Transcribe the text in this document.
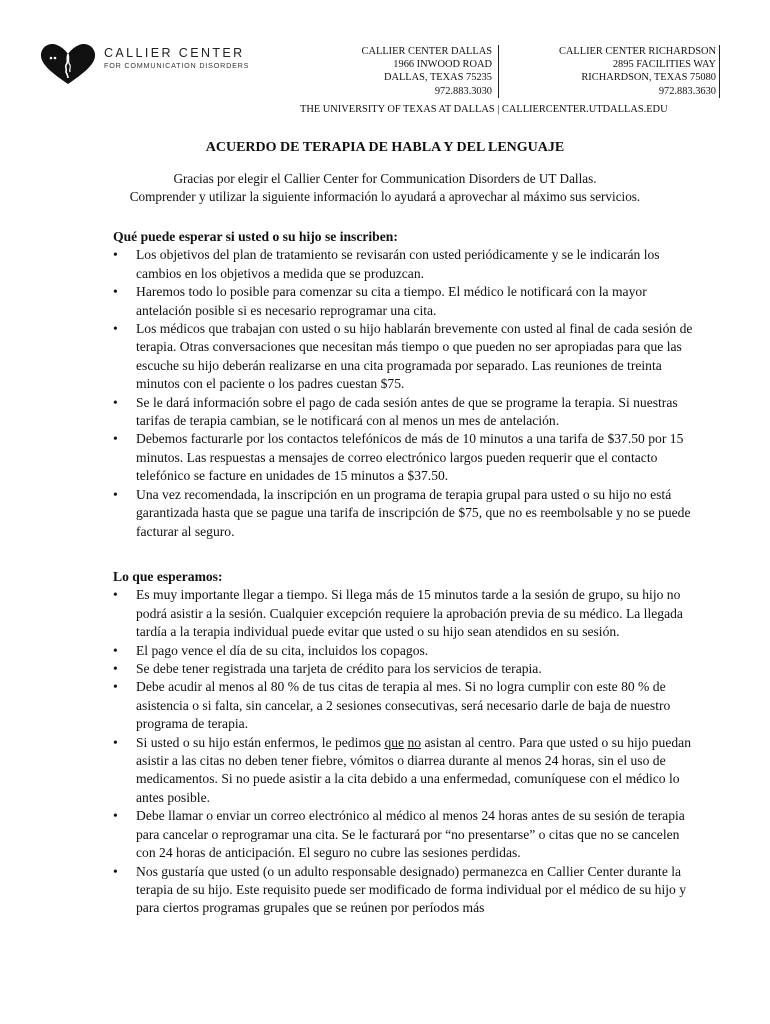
CALLIER CENTER
FOR COMMUNICATION DISORDERS
CALLIER CENTER DALLAS
1966 INWOOD ROAD
DALLAS, TEXAS 75235
972.883.3030
CALLIER CENTER RICHARDSON
2895 FACILITIES WAY
RICHARDSON, TEXAS 75080
972.883.3630
THE UNIVERSITY OF TEXAS AT DALLAS | CALLIERCENTER.UTDALLAS.EDU
ACUERDO DE TERAPIA DE HABLA Y DEL LENGUAJE
Gracias por elegir el Callier Center for Communication Disorders de UT Dallas.
Comprender y utilizar la siguiente información lo ayudará a aprovechar al máximo sus servicios.
Qué puede esperar si usted o su hijo se inscriben:
• Los objetivos del plan de tratamiento se revisarán con usted periódicamente y se le indicarán los cambios en los objetivos a medida que se produzcan.
• Haremos todo lo posible para comenzar su cita a tiempo. El médico le notificará con la mayor antelación posible si es necesario reprogramar una cita.
• Los médicos que trabajan con usted o su hijo hablarán brevemente con usted al final de cada sesión de terapia. Otras conversaciones que necesitan más tiempo o que pueden no ser apropiadas para que las escuche su hijo deberán realizarse en una cita programada por separado. Las reuniones de treinta minutos con el paciente o los padres cuestan $75.
• Se le dará información sobre el pago de cada sesión antes de que se programe la terapia. Si nuestras tarifas de terapia cambian, se le notificará con al menos un mes de antelación.
• Debemos facturarle por los contactos telefónicos de más de 10 minutos a una tarifa de $37.50 por 15 minutos. Las respuestas a mensajes de correo electrónico largos pueden requerir que el contacto telefónico se facture en unidades de 15 minutos a $37.50.
• Una vez recomendada, la inscripción en un programa de terapia grupal para usted o su hijo no está garantizada hasta que se pague una tarifa de inscripción de $75, que no es reembolsable y no se puede facturar al seguro.
Lo que esperamos:
• Es muy importante llegar a tiempo. Si llega más de 15 minutos tarde a la sesión de grupo, su hijo no podrá asistir a la sesión. Cualquier excepción requiere la aprobación previa de su médico. La llegada tardía a la terapia individual puede evitar que usted o su hijo sean atendidos en su sesión.
• El pago vence el día de su cita, incluidos los copagos.
• Se debe tener registrada una tarjeta de crédito para los servicios de terapia.
• Debe acudir al menos al 80 % de tus citas de terapia al mes. Si no logra cumplir con este 80 % de asistencia o si falta, sin cancelar, a 2 sesiones consecutivas, será necesario darle de baja de nuestro programa de terapia.
• Si usted o su hijo están enfermos, le pedimos que no asistan al centro. Para que usted o su hijo puedan asistir a las citas no deben tener fiebre, vómitos o diarrea durante al menos 24 horas, sin el uso de medicamentos. Si no puede asistir a la cita debido a una enfermedad, comuníquese con el médico lo antes posible.
• Debe llamar o enviar un correo electrónico al médico al menos 24 horas antes de su sesión de terapia para cancelar o reprogramar una cita. Se le facturará por “no presentarse” o citas que no se cancelen con 24 horas de anticipación. El seguro no cubre las sesiones perdidas.
• Nos gustaría que usted (o un adulto responsable designado) permanezca en Callier Center durante la terapia de su hijo. Este requisito puede ser modificado de forma individual por el médico de su hijo y para ciertos programas grupales que se reúnen por períodos más
